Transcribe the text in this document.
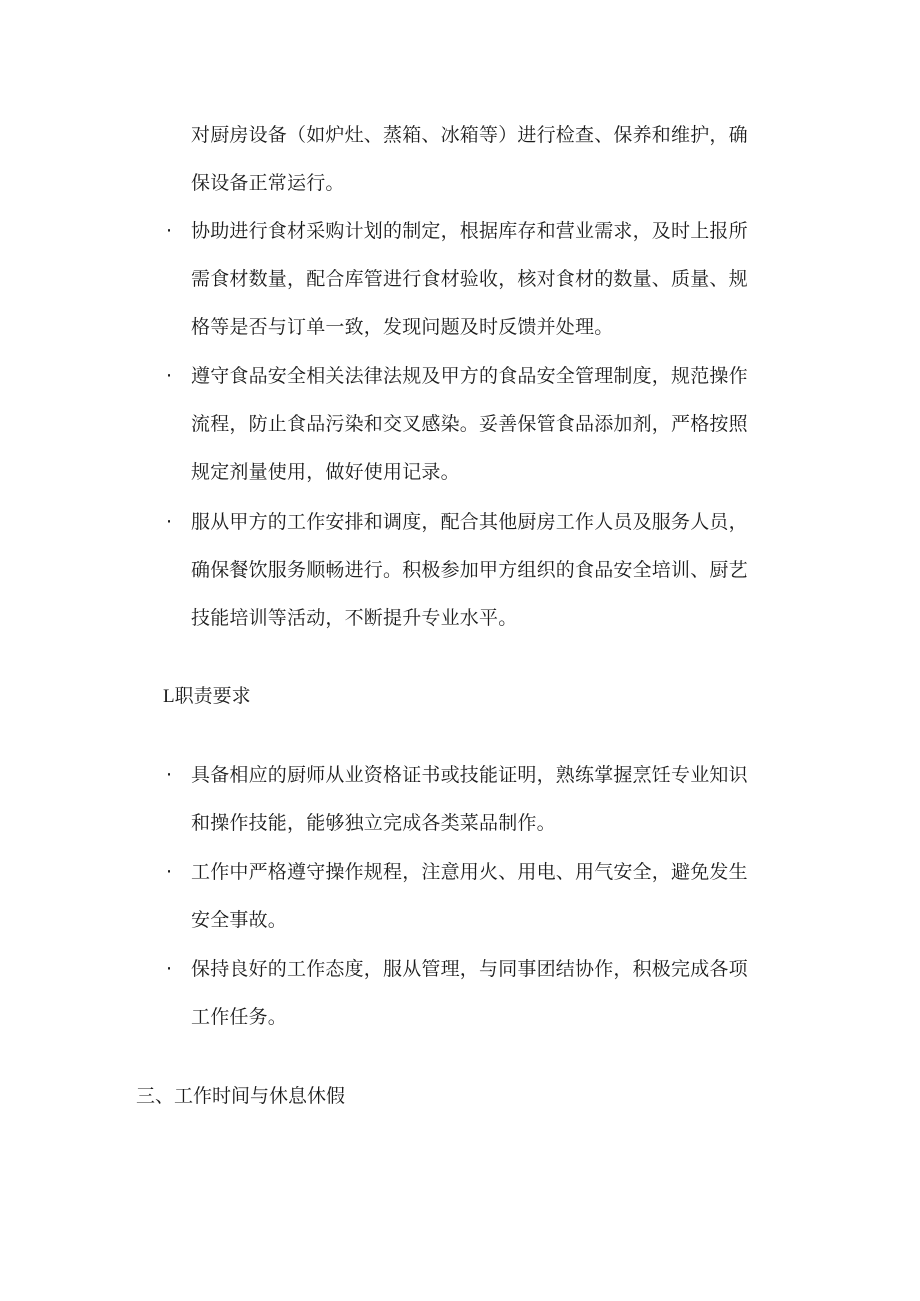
对厨房设备（如炉灶、蒸箱、冰箱等）进行检查、保养和维护，确
保设备正常运行。
· 协助进行食材采购计划的制定，根据库存和营业需求，及时上报所
需食材数量，配合库管进行食材验收，核对食材的数量、质量、规
格等是否与订单一致，发现问题及时反馈并处理。
· 遵守食品安全相关法律法规及甲方的食品安全管理制度，规范操作
流程，防止食品污染和交叉感染。妥善保管食品添加剂，严格按照
规定剂量使用，做好使用记录。
· 服从甲方的工作安排和调度，配合其他厨房工作人员及服务人员，
确保餐饮服务顺畅进行。积极参加甲方组织的食品安全培训、厨艺
技能培训等活动，不断提升专业水平。
L职责要求
· 具备相应的厨师从业资格证书或技能证明，熟练掌握烹饪专业知识
和操作技能，能够独立完成各类菜品制作。
· 工作中严格遵守操作规程，注意用火、用电、用气安全，避免发生
安全事故。
· 保持良好的工作态度，服从管理，与同事团结协作，积极完成各项
工作任务。
三、工作时间与休息休假
